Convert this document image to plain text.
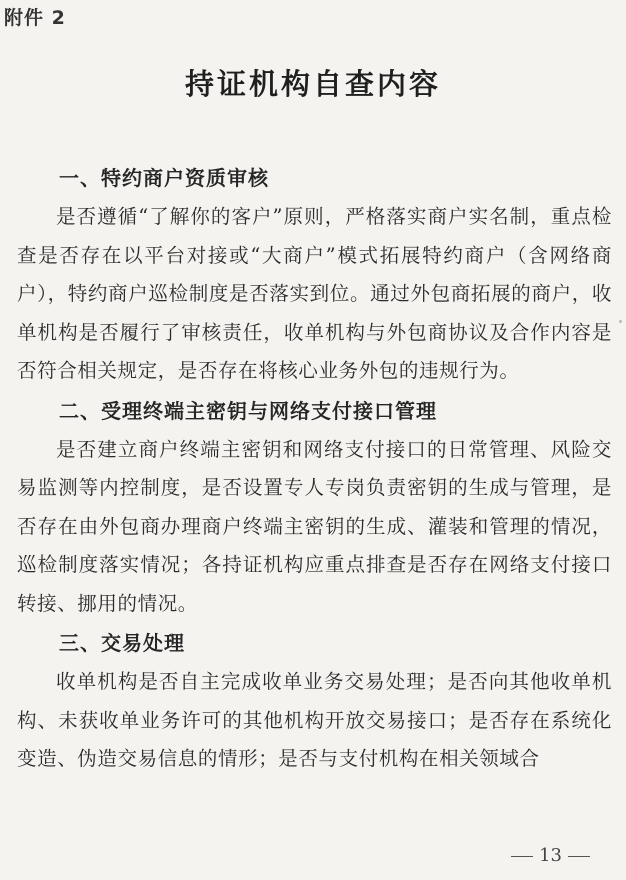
附件 2
持证机构自查内容
一、特约商户资质审核

是否遵循“了解你的客户”原则，严格落实商户实名制，重点检查是否存在以平台对接或“大商户”模式拓展特约商户（含网络商户），特约商户巡检制度是否落实到位。通过外包商拓展的商户，收单机构是否履行了审核责任，收单机构与外包商协议及合作内容是否符合相关规定，是否存在将核心业务外包的违规行为。

二、受理终端主密钥与网络支付接口管理

是否建立商户终端主密钥和网络支付接口的日常管理、风险交易监测等内控制度，是否设置专人专岗负责密钥的生成与管理，是否存在由外包商办理商户终端主密钥的生成、灌装和管理的情况，巡检制度落实情况；各持证机构应重点排查是否存在网络支付接口转接、挪用的情况。

三、交易处理

收单机构是否自主完成收单业务交易处理；是否向其他收单机构、未获收单业务许可的其他机构开放交易接口；是否存在系统化变造、伪造交易信息的情形；是否与支付机构在相关领域合

13
